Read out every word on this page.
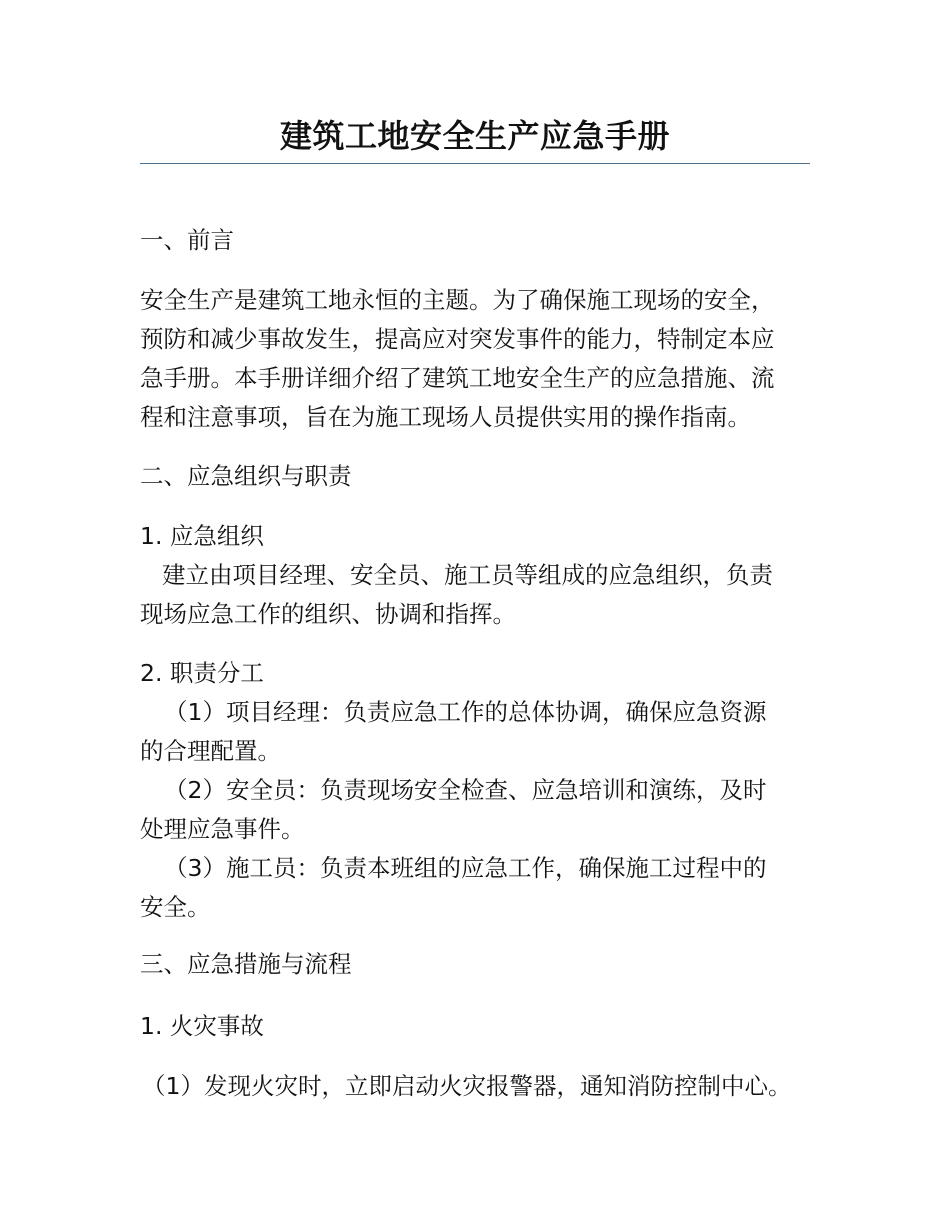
建筑工地安全生产应急手册
一、前言
安全生产是建筑工地永恒的主题。为了确保施工现场的安全，
预防和减少事故发生，提高应对突发事件的能力，特制定本应
急手册。本手册详细介绍了建筑工地安全生产的应急措施、流
程和注意事项，旨在为施工现场人员提供实用的操作指南。
二、应急组织与职责
1. 应急组织
建立由项目经理、安全员、施工员等组成的应急组织，负责
现场应急工作的组织、协调和指挥。
2. 职责分工
（1）项目经理：负责应急工作的总体协调，确保应急资源
的合理配置。
（2）安全员：负责现场安全检查、应急培训和演练，及时
处理应急事件。
（3）施工员：负责本班组的应急工作，确保施工过程中的
安全。
三、应急措施与流程
1. 火灾事故
（1）发现火灾时，立即启动火灾报警器，通知消防控制中心。
